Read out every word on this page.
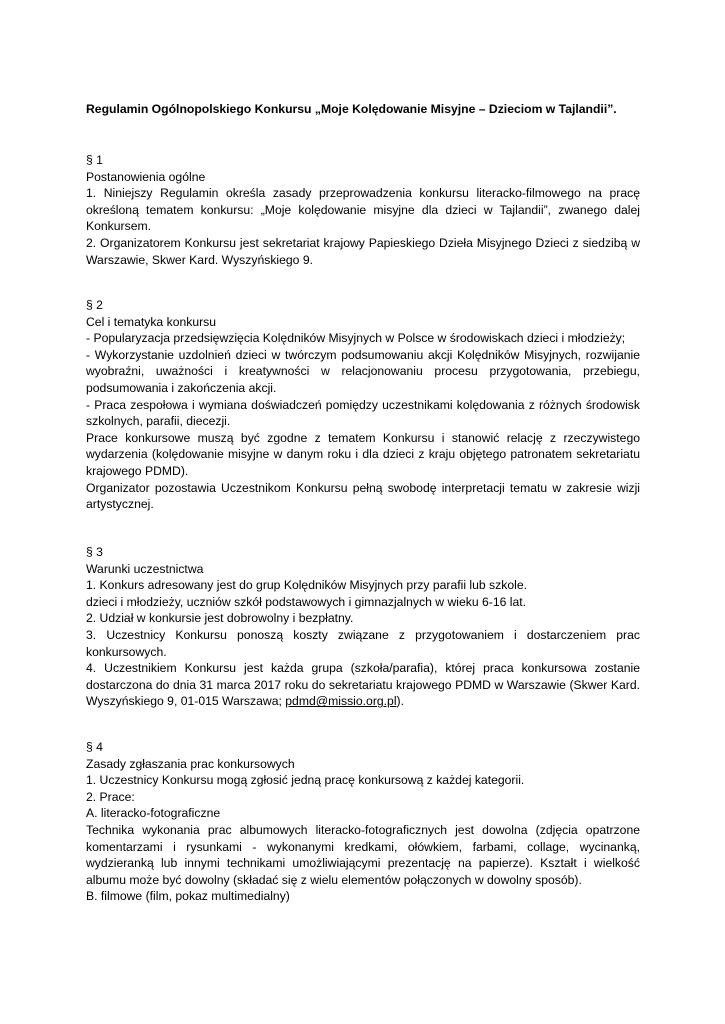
Regulamin Ogólnopolskiego Konkursu „Moje Kolędowanie Misyjne – Dzieciom w Tajlandii”.

§ 1

Postanowienia ogólne

1. Niniejszy Regulamin określa zasady przeprowadzenia konkursu literacko-filmowego na pracę określoną tematem konkursu: „Moje kolędowanie misyjne dla dzieci w Tajlandii”, zwanego dalej Konkursem.

2. Organizatorem Konkursu jest sekretariat krajowy Papieskiego Dzieła Misyjnego Dzieci z siedzibą w Warszawie, Skwer Kard. Wyszyńskiego 9.

§ 2

Cel i tematyka konkursu

- Popularyzacja przedsięwzięcia Kolędników Misyjnych w Polsce w środowiskach dzieci i młodzieży;

- Wykorzystanie uzdolnień dzieci w twórczym podsumowaniu akcji Kolędników Misyjnych, rozwijanie wyobraźni, uważności i kreatywności w relacjonowaniu procesu przygotowania, przebiegu, podsumowania i zakończenia akcji.

- Praca zespołowa i wymiana doświadczeń pomiędzy uczestnikami kolędowania z różnych środowisk szkolnych, parafii, diecezji.

Prace konkursowe muszą być zgodne z tematem Konkursu i stanowić relację z rzeczywistego wydarzenia (kolędowanie misyjne w danym roku i dla dzieci z kraju objętego patronatem sekretariatu krajowego PDMD).

Organizator pozostawia Uczestnikom Konkursu pełną swobodę interpretacji tematu w zakresie wizji artystycznej.

§ 3

Warunki uczestnictwa

1. Konkurs adresowany jest do grup Kolędników Misyjnych przy parafii lub szkole.

dzieci i młodzieży, uczniów szkół podstawowych i gimnazjalnych w wieku 6-16 lat.

2. Udział w konkursie jest dobrowolny i bezpłatny.

3. Uczestnicy Konkursu ponoszą koszty związane z przygotowaniem i dostarczeniem prac konkursowych.

4. Uczestnikiem Konkursu jest każda grupa (szkoła/parafia), której praca konkursowa zostanie dostarczona do dnia 31 marca 2017 roku do sekretariatu krajowego PDMD w Warszawie (Skwer Kard. Wyszyńskiego 9, 01-015 Warszawa; pdmd@missio.org.pl).

§ 4

Zasady zgłaszania prac konkursowych

1. Uczestnicy Konkursu mogą zgłosić jedną pracę konkursową z każdej kategorii.

2. Prace:

A. literacko-fotograficzne

Technika wykonania prac albumowych literacko-fotograficznych jest dowolna (zdjęcia opatrzone komentarzami i rysunkami - wykonanymi kredkami, ołówkiem, farbami, collage, wycinanką, wydzieranką lub innymi technikami umożliwiającymi prezentację na papierze). Kształt i wielkość albumu może być dowolny (składać się z wielu elementów połączonych w dowolny sposób).

B. filmowe (film, pokaz multimedialny)
